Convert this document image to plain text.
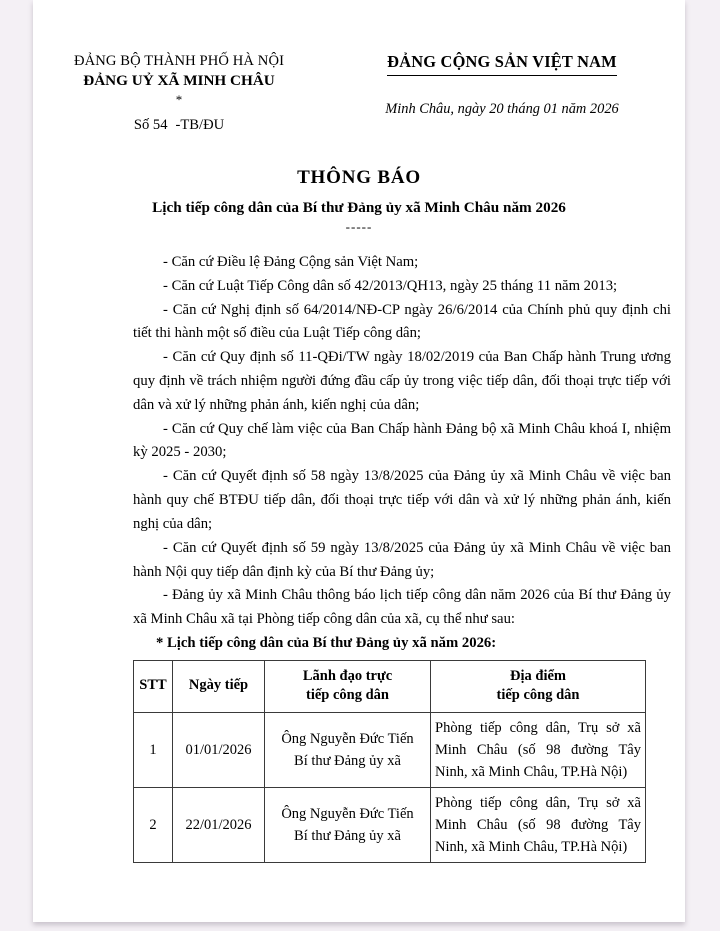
ĐẢNG BỘ THÀNH PHỐ HÀ NỘI
ĐẢNG UỶ XÃ MINH CHÂU
*
Số 54 -TB/ĐU
ĐẢNG CỘNG SẢN VIỆT NAM
Minh Châu, ngày 20 tháng 01 năm 2026
THÔNG BÁO
Lịch tiếp công dân của Bí thư Đảng ủy xã Minh Châu năm 2026
-----

- Căn cứ Điều lệ Đảng Cộng sản Việt Nam;

- Căn cứ Luật Tiếp Công dân số 42/2013/QH13, ngày 25 tháng 11 năm 2013;

- Căn cứ Nghị định số 64/2014/NĐ-CP ngày 26/6/2014 của Chính phủ quy định chi tiết thi hành một số điều của Luật Tiếp công dân;

- Căn cứ Quy định số 11-QĐi/TW ngày 18/02/2019 của Ban Chấp hành Trung ương quy định về trách nhiệm người đứng đầu cấp ủy trong việc tiếp dân, đối thoại trực tiếp với dân và xử lý những phản ánh, kiến nghị của dân;

- Căn cứ Quy chế làm việc của Ban Chấp hành Đảng bộ xã Minh Châu khoá I, nhiệm kỳ 2025 - 2030;

- Căn cứ Quyết định số 58 ngày 13/8/2025 của Đảng ủy xã Minh Châu về việc ban hành quy chế BTĐU tiếp dân, đối thoại trực tiếp với dân và xử lý những phản ánh, kiến nghị của dân;

- Căn cứ Quyết định số 59 ngày 13/8/2025 của Đảng ủy xã Minh Châu về việc ban hành Nội quy tiếp dân định kỳ của Bí thư Đảng ủy;

- Đảng ủy xã Minh Châu thông báo lịch tiếp công dân năm 2026 của Bí thư Đảng ủy xã Minh Châu xã tại Phòng tiếp công dân của xã, cụ thể như sau:

* Lịch tiếp công dân của Bí thư Đảng ủy xã năm 2026:

STT	Ngày tiếp	Lãnh đạo trực
tiếp công dân	Địa điểm
tiếp công dân

1	01/01/2026	Ông Nguyễn Đức Tiến
Bí thư Đảng ủy xã	Phòng tiếp công dân, Trụ sở xã Minh Châu (số 98 đường Tây Ninh, xã Minh Châu, TP.Hà Nội)

2	22/01/2026	Ông Nguyễn Đức Tiến
Bí thư Đảng ủy xã	Phòng tiếp công dân, Trụ sở xã Minh Châu (số 98 đường Tây Ninh, xã Minh Châu, TP.Hà Nội)
